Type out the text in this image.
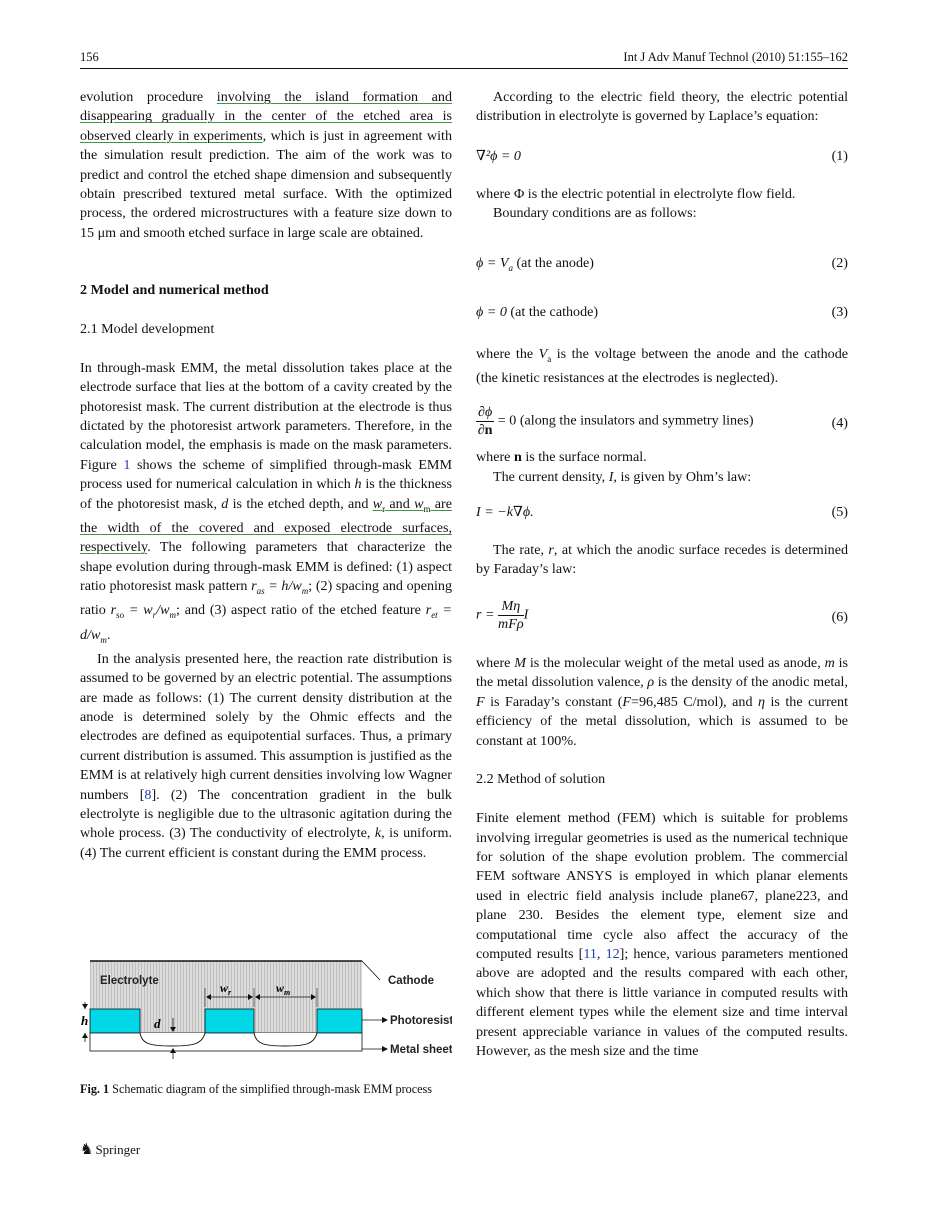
156	Int J Adv Manuf Technol (2010) 51:155–162

evolution procedure involving the island formation and disappearing gradually in the center of the etched area is observed clearly in experiments, which is just in agreement with the simulation result prediction. The aim of the work was to predict and control the etched shape dimension and subsequently obtain prescribed textured metal surface. With the optimized process, the ordered microstructures with a feature size down to 15 μm and smooth etched surface in large scale are obtained.

2 Model and numerical method

2.1 Model development

In through-mask EMM, the metal dissolution takes place at the electrode surface that lies at the bottom of a cavity created by the photoresist mask. The current distribution at the electrode is thus dictated by the photoresist artwork parameters. Therefore, in the calculation model, the emphasis is made on the mask parameters. Figure 1 shows the scheme of simplified through-mask EMM process used for numerical calculation in which h is the thickness of the photoresist mask, d is the etched depth, and $w_r$ and $w_m$ are the width of the covered and exposed electrode surfaces, respectively. The following parameters that characterize the shape evolution during through-mask EMM is defined: (1) aspect ratio photoresist mask pattern $r_{as} = h/w_m$; (2) spacing and opening ratio $r_{so} = w_r/w_m$; and (3) aspect ratio of the etched feature $r_{et} = d/w_m$.

In the analysis presented here, the reaction rate distribution is assumed to be governed by an electric potential. The assumptions are made as follows: (1) The current density distribution at the anode is determined solely by the Ohmic effects and the electrodes are defined as equipotential surfaces. Thus, a primary current distribution is assumed. This assumption is justified as the EMM is at relatively high current densities involving low Wagner numbers [8]. (2) The concentration gradient in the bulk electrolyte is negligible due to the ultrasonic agitation during the whole process. (3) The conductivity of electrolyte, k, is uniform. (4) The current efficient is constant during the EMM process.

h	d
$w_r$	$w_m$
Electrolyte	Cathode
Photoresist
Metal sheet
Fig. 1 Schematic diagram of the simplified through-mask EMM process

According to the electric field theory, the electric potential distribution in electrolyte is governed by Laplace’s equation:

∇²ϕ = 0	(1)

where Φ is the electric potential in electrolyte flow field.

Boundary conditions are as follows:

$\phi = V_a$ (at the anode)	(2)
ϕ = 0 (at the cathode)	(3)

where the $V_a$ is the voltage between the anode and the cathode (the kinetic resistances at the electrodes is neglected).

$\frac{\partial\phi}{\partial n} = 0$ (along the insulators and symmetry lines)	(4)

where n is the surface normal.

The current density, I, is given by Ohm’s law:

I = −k∇ϕ.	(5)

The rate, r, at which the anodic surface recedes is determined by Faraday’s law:

$r = \frac{M\eta}{\text{mFρ}}$ I	(6)

where M is the molecular weight of the metal used as anode, m is the metal dissolution valence, ρ is the density of the anodic metal, F is Faraday’s constant (F=96,485 C/mol), and η is the current efficiency of the metal dissolution, which is assumed to be constant at 100%.

2.2 Method of solution

Finite element method (FEM) which is suitable for problems involving irregular geometries is used as the numerical technique for solution of the shape evolution problem. The commercial FEM software ANSYS is employed in which planar elements used in electric field analysis include plane67, plane223, and plane 230. Besides the element type, element size and computational time cycle also affect the accuracy of the computed results [11, 12]; hence, various parameters mentioned above are adopted and the results compared with each other, which show that there is little variance in computed results with different element types while the element size and time interval present appreciable variance in values of the computed results. However, as the mesh size and the time

♞ Springer
